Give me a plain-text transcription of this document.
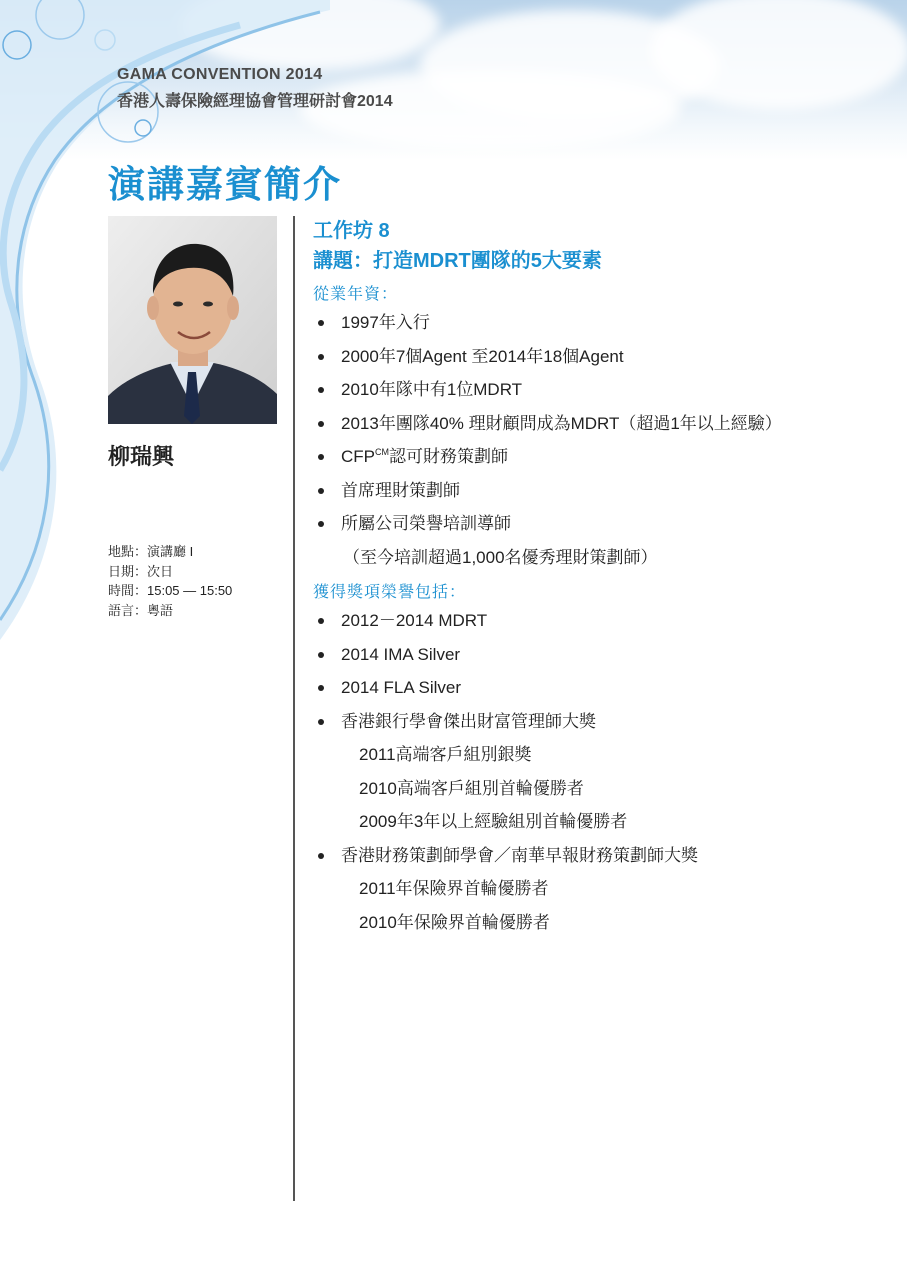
GAMA CONVENTION 2014
香港人壽保險經理協會管理研討會2014
演講嘉賓簡介
柳瑞興
地點：演講廳 I
日期：次日
時間：15:05 — 15:50
語言：粵語
工作坊 8
講題：打造MDRT團隊的5大要素
從業年資：
1997年入行
2000年7個Agent 至2014年18個Agent
2010年隊中有1位MDRT
2013年團隊40% 理財顧問成為MDRT（超過1年以上經驗）
$CFP^{CM}$認可財務策劃師
首席理財策劃師
所屬公司榮譽培訓導師
（至今培訓超過1,000名優秀理財策劃師）
獲得獎項榮譽包括：
2012－2014 MDRT
2014 IMA Silver
2014 FLA Silver
香港銀行學會傑出財富管理師大獎
2011高端客戶組別銀獎
2010高端客戶組別首輪優勝者
2009年3年以上經驗組別首輪優勝者
香港財務策劃師學會／南華早報財務策劃師大獎
2011年保險界首輪優勝者
2010年保險界首輪優勝者
